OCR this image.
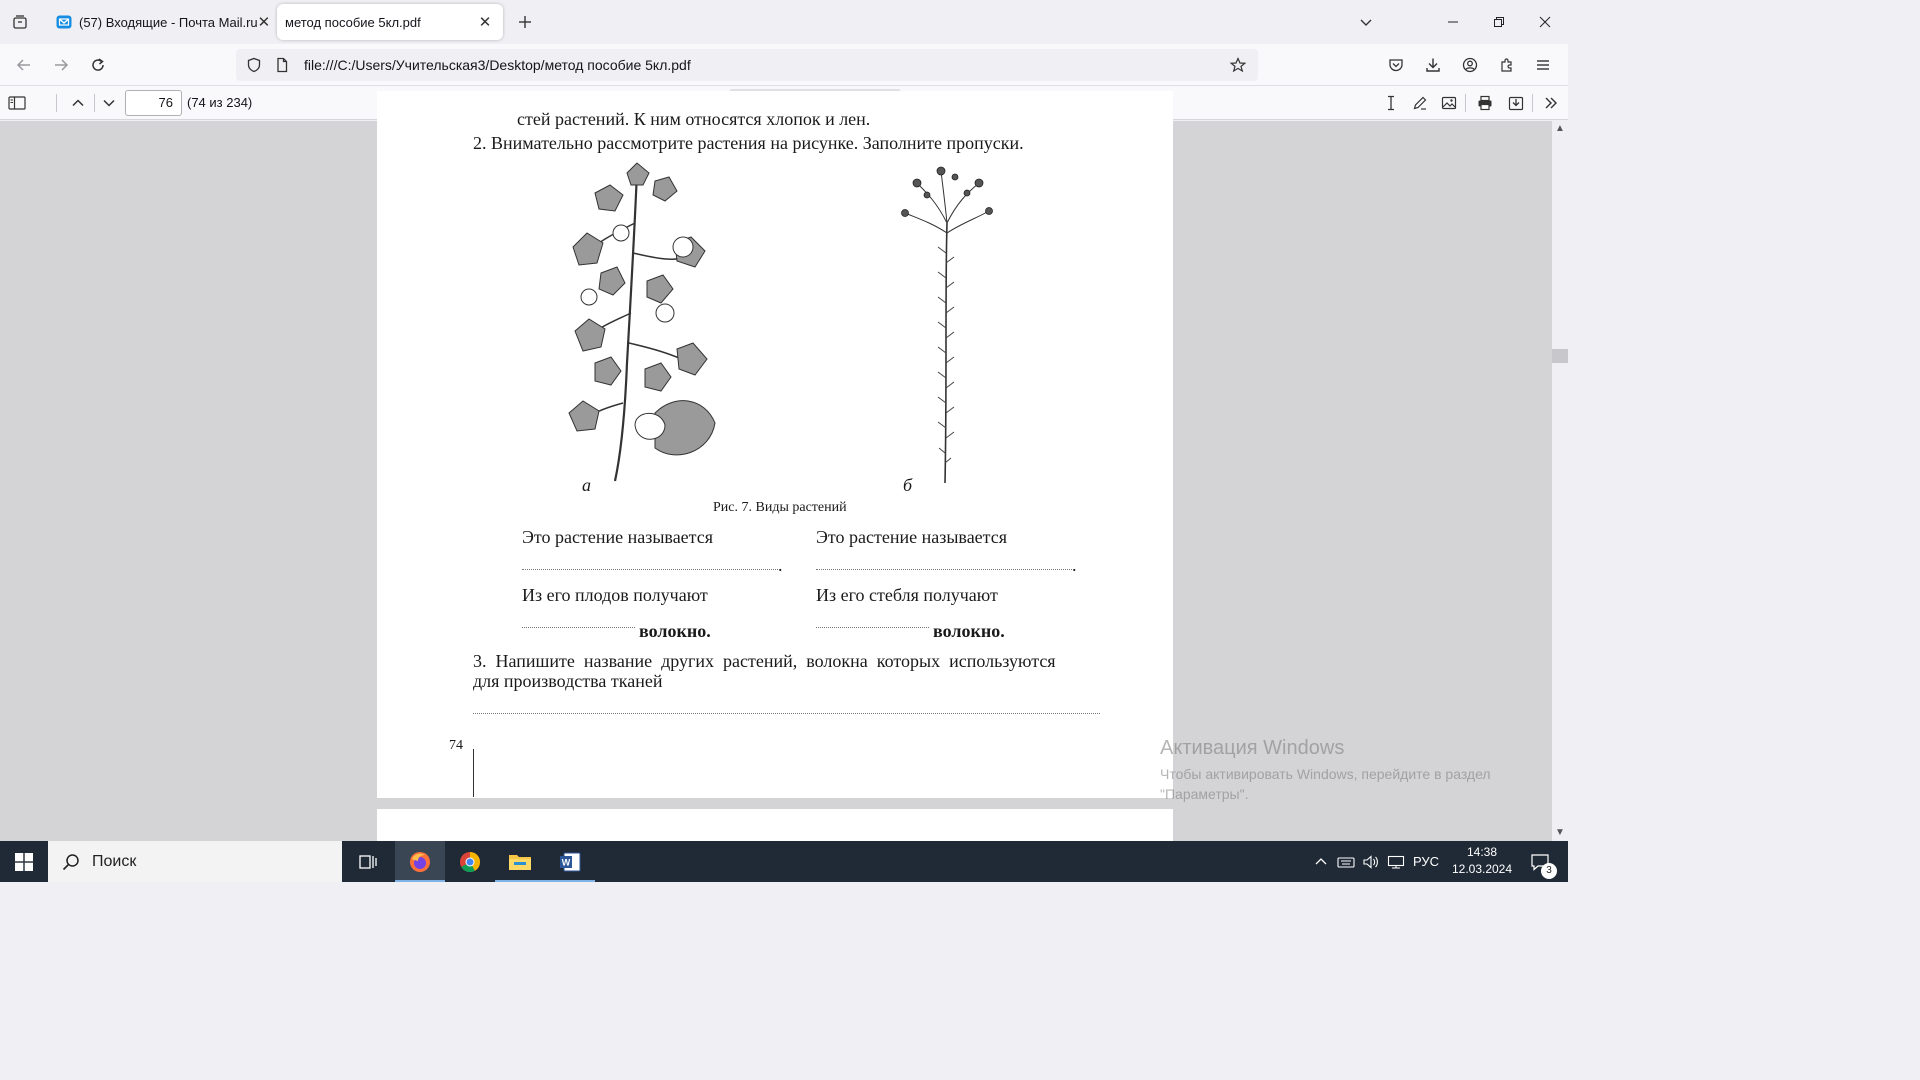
(57) Входящие - Почта Mail.ru ✕ метод пособие 5кл.pdf	✕
file:///C:/Users/Учительская3/Desktop/метод пособие 5кл.pdf
76	(74 из 234)
стей растений. К ним относятся хлопок и лен.
2. Внимательно рассмотрите растения на рисунке. Заполните пропуски.
а	б
Рис. 7. Виды растений
Это растение называется
.
Из его плодов получают
волокно.
Это растение называется
.
Из его стебля получают
волокно.
3.  Напишите  название  других  растений,  волокна  которых  используются
для производства тканей
74
▲
▼
Активация Windows
Чтобы активировать Windows, перейдите в раздел "Параметры".
Поиск	W	РУС
14:38
12.03.2024	3
